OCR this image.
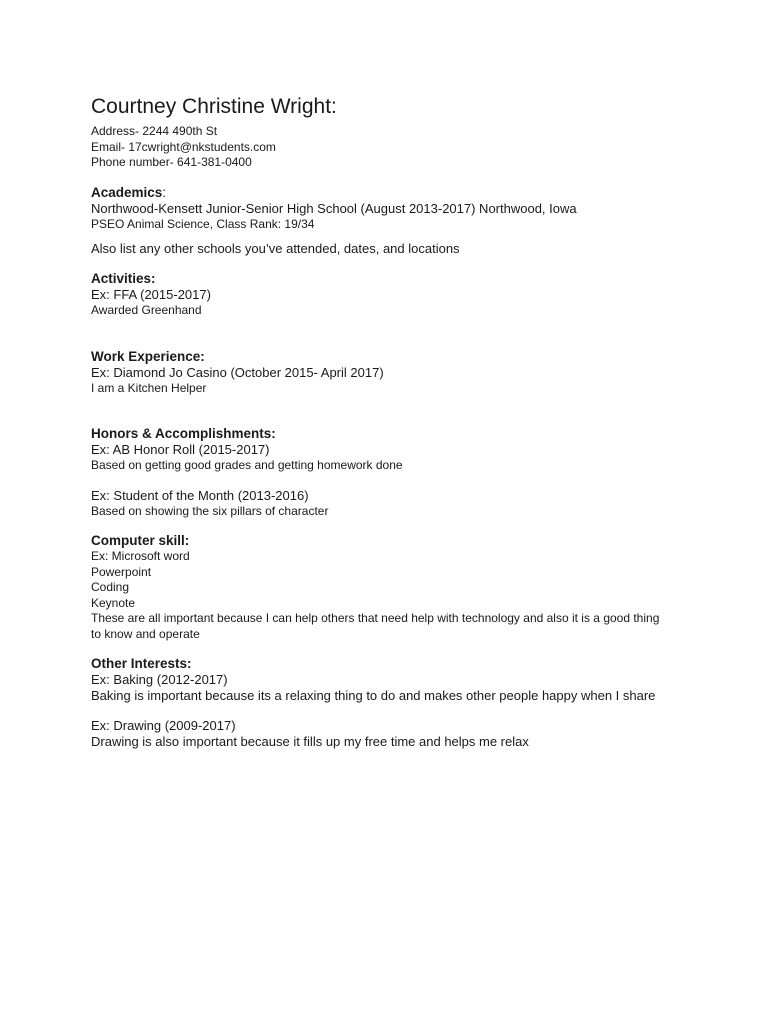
Courtney Christine Wright:

Address- 2244 490th St

Email- 17cwright@nkstudents.com

Phone number- 641-381-0400

Academics:

Northwood-Kensett Junior-Senior High School (August 2013-2017) Northwood, Iowa

PSEO Animal Science, Class Rank: 19/34

Also list any other schools you’ve attended, dates, and locations

Activities:

Ex: FFA (2015-2017)

Awarded Greenhand

Work Experience:

Ex: Diamond Jo Casino (October 2015- April 2017)

I am a Kitchen Helper

Honors & Accomplishments:

Ex: AB Honor Roll (2015-2017)

Based on getting good grades and getting homework done

Ex: Student of the Month (2013-2016)

Based on showing the six pillars of character

Computer skill:

Ex: Microsoft word

Powerpoint

Coding

Keynote

These are all important because I can help others that need help with technology and also it is a good thing to know and operate

Other Interests:

Ex: Baking (2012-2017)

Baking is important because its a relaxing thing to do and makes other people happy when I share

Ex: Drawing (2009-2017)

Drawing is also important because it fills up my free time and helps me relax
